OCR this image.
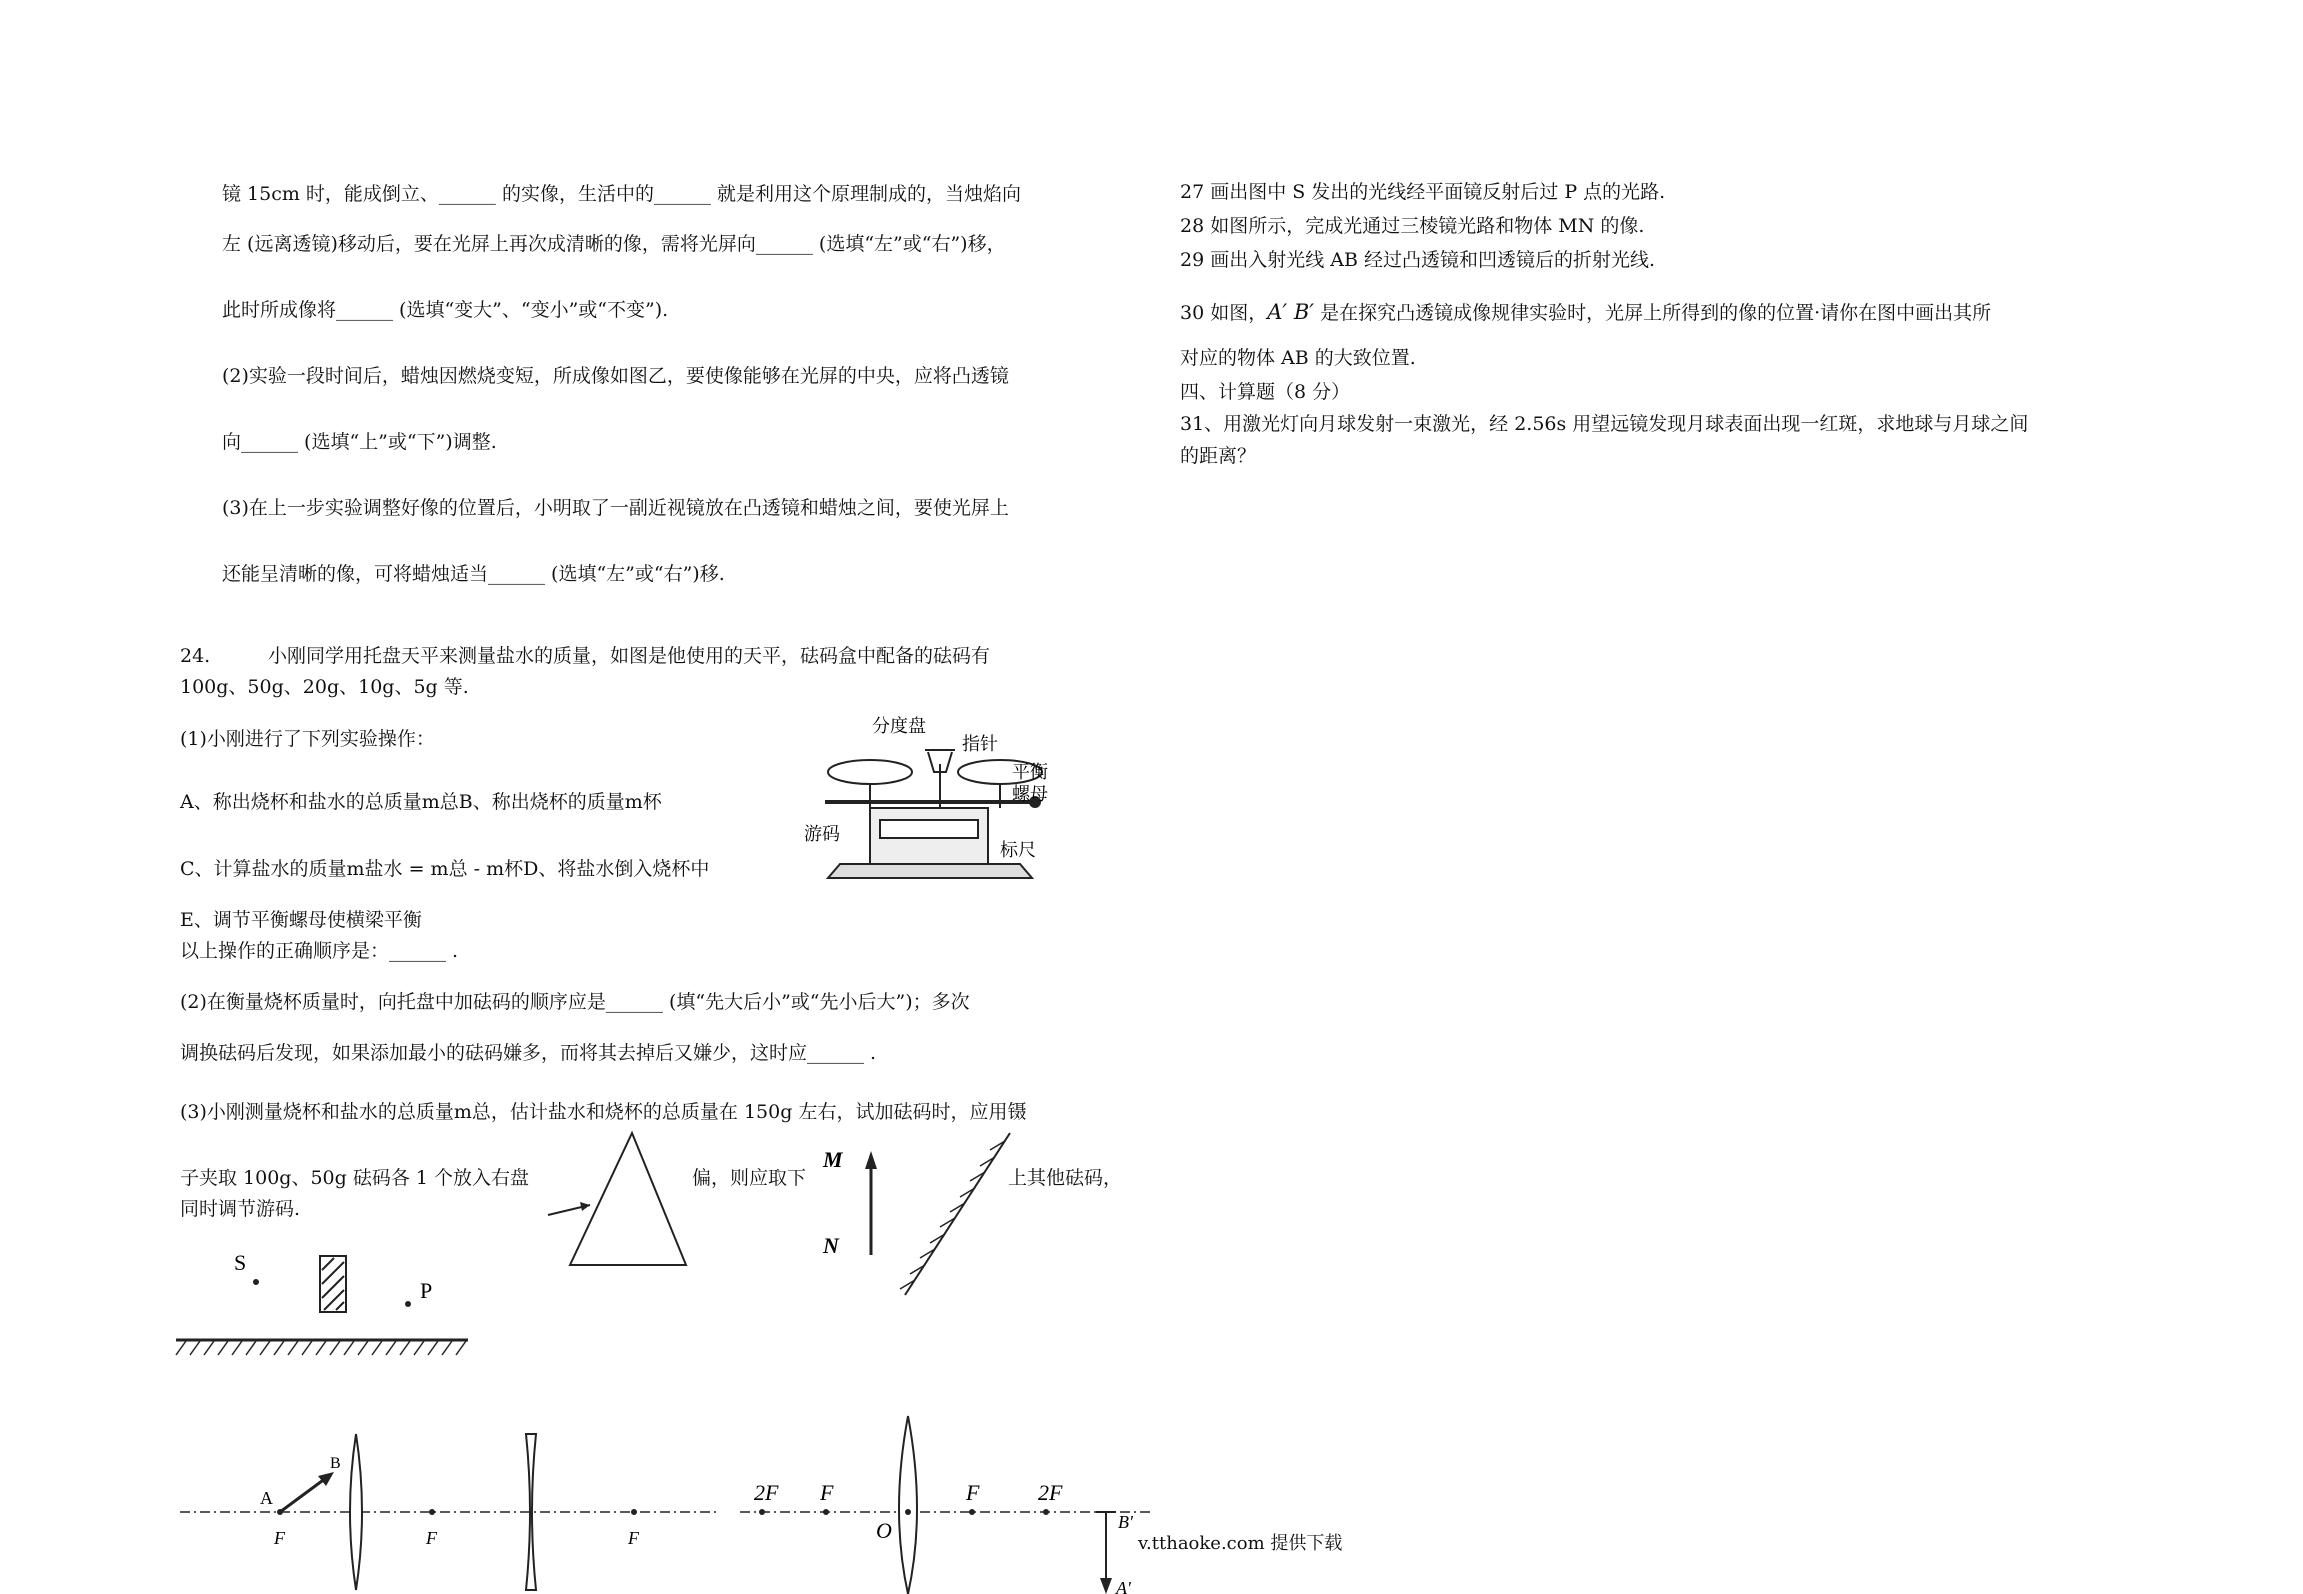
镜 15cm 时，能成倒立、______ 的实像，生活中的______ 就是利用这个原理制成的，当烛焰向
左 (远离透镜)移动后，要在光屏上再次成清晰的像，需将光屏向______ (选填“左”或“右”)移，
此时所成像将______ (选填“变大”、“变小”或“不变”).
(2)实验一段时间后，蜡烛因燃烧变短，所成像如图乙，要使像能够在光屏的中央，应将凸透镜
向______ (选填“上”或“下”)调整.
(3)在上一步实验调整好像的位置后，小明取了一副近视镜放在凸透镜和蜡烛之间，要使光屏上
还能呈清晰的像，可将蜡烛适当______ (选填“左”或“右”)移.
24.	小刚同学用托盘天平来测量盐水的质量，如图是他使用的天平，砝码盒中配备的砝码有
100g、50g、20g、10g、5g 等.
(1)小刚进行了下列实验操作：
A、称出烧杯和盐水的总质量m总B、称出烧杯的质量m杯
C、计算盐水的质量m盐水 = m总 - m杯D、将盐水倒入烧杯中
E、调节平衡螺母使横梁平衡
以上操作的正确顺序是：______ .
(2)在衡量烧杯质量时，向托盘中加砝码的顺序应是______ (填“先大后小”或“先小后大”)；多次
调换砝码后发现，如果添加最小的砝码嫌多，而将其去掉后又嫌少，这时应______ .
(3)小刚测量烧杯和盐水的总质量m总，估计盐水和烧杯的总质量在 150g 左右，试加砝码时，应用镊
子夹取 100g、50g 砝码各 1 个放入右盘	偏，则应取下	上其他砝码，
同时调节游码.
分度盘
指针
平衡
螺母
游码
标尺
M
N
S
P
A
B
F	F	F
2F F
O
F	2F
B′
A′
v.tthaoke.com 提供下载
27 画出图中 S 发出的光线经平面镜反射后过 P 点的光路.
28 如图所示，完成光通过三棱镜光路和物体 MN 的像.
29 画出入射光线 AB 经过凸透镜和凹透镜后的折射光线.
30 如图，A′ B′ 是在探究凸透镜成像规律实验时，光屏上所得到的像的位置·请你在图中画出其所
对应的物体 AB 的大致位置.
四、计算题（8 分）
31、用激光灯向月球发射一束激光，经 2.56s 用望远镜发现月球表面出现一红斑，求地球与月球之间
的距离？
